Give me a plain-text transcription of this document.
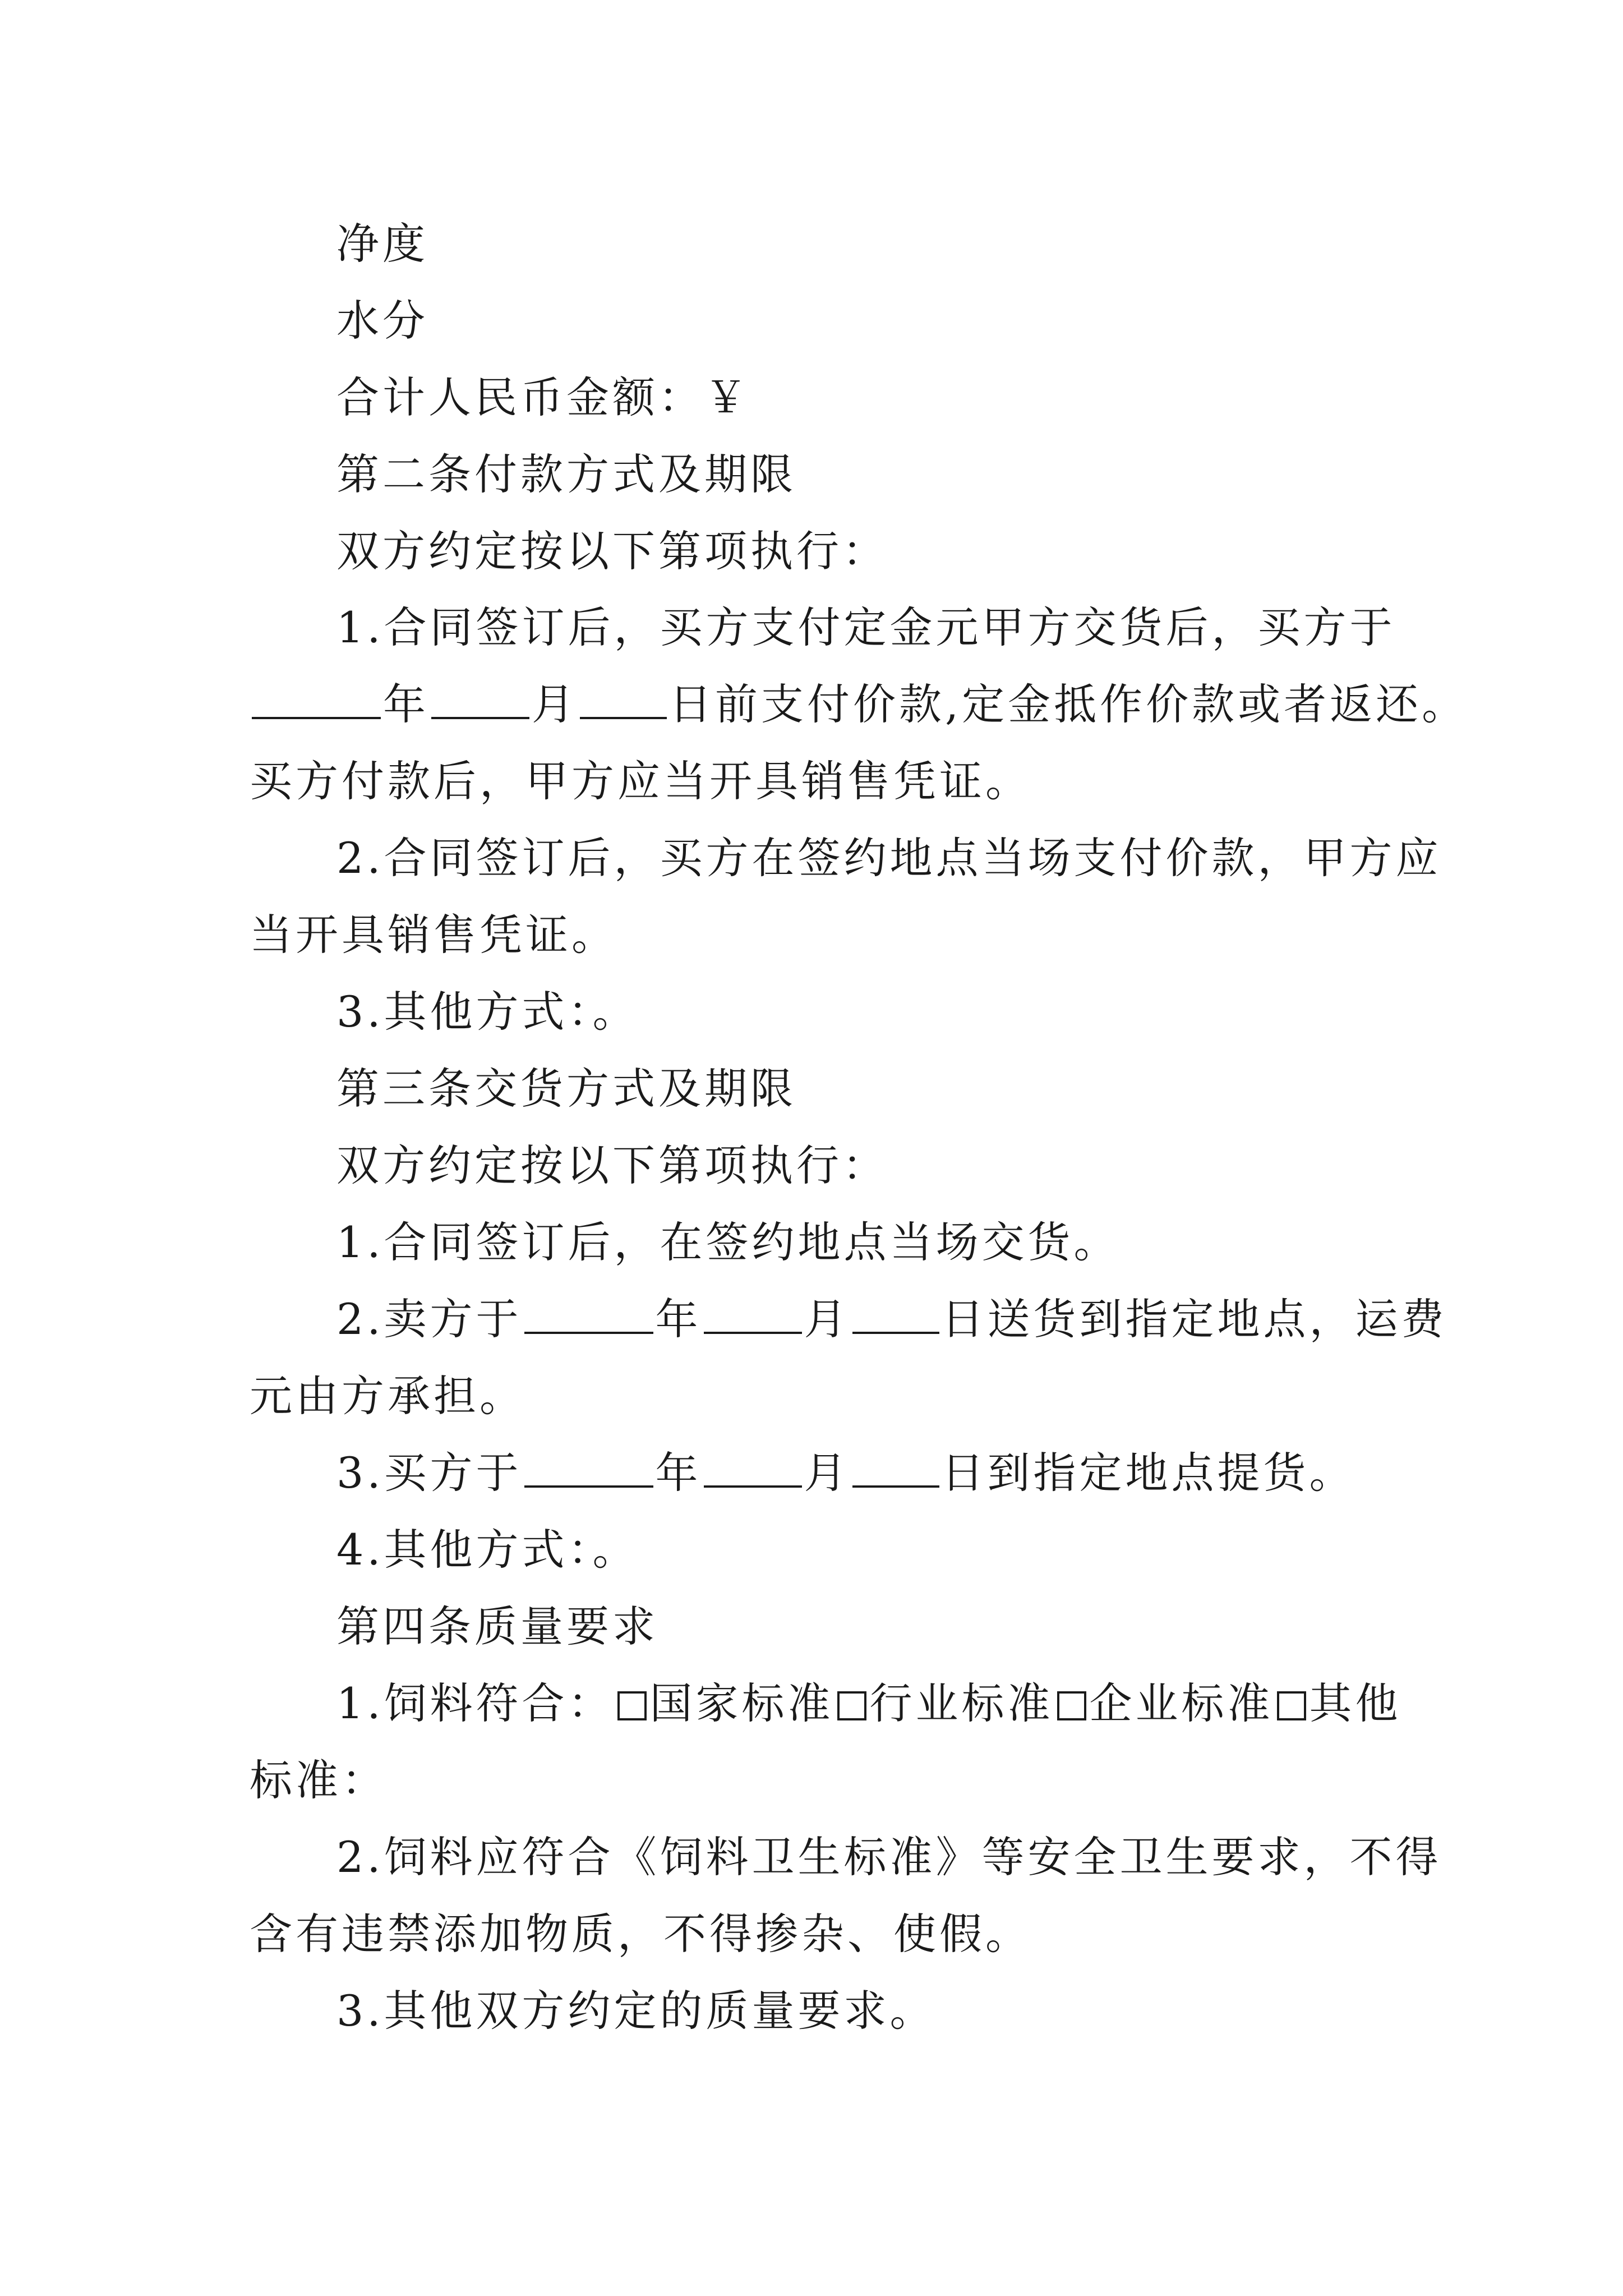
净度
水分
合计人民币金额：￥
第二条付款方式及期限
双方约定按以下第项执行：
1.合同签订后，买方支付定金元甲方交货后，买方于
年 月 日前支付价款,定金抵作价款或者返还。
买方付款后，甲方应当开具销售凭证。
2.合同签订后，买方在签约地点当场支付价款，甲方应
当开具销售凭证。
3.其他方式：。
第三条交货方式及期限
双方约定按以下第项执行：
1.合同签订后，在签约地点当场交货。
2.卖方于	年 月 日送货到指定地点，运费
元由方承担。
3.买方于	年 月 日到指定地点提货。
4.其他方式：。
第四条质量要求
1.饲料符合： 国家标准 行业标准 企业标准 其他
标准：
2.饲料应符合《饲料卫生标准》等安全卫生要求，不得
含有违禁添加物质，不得掺杂、使假。
3.其他双方约定的质量要求。
